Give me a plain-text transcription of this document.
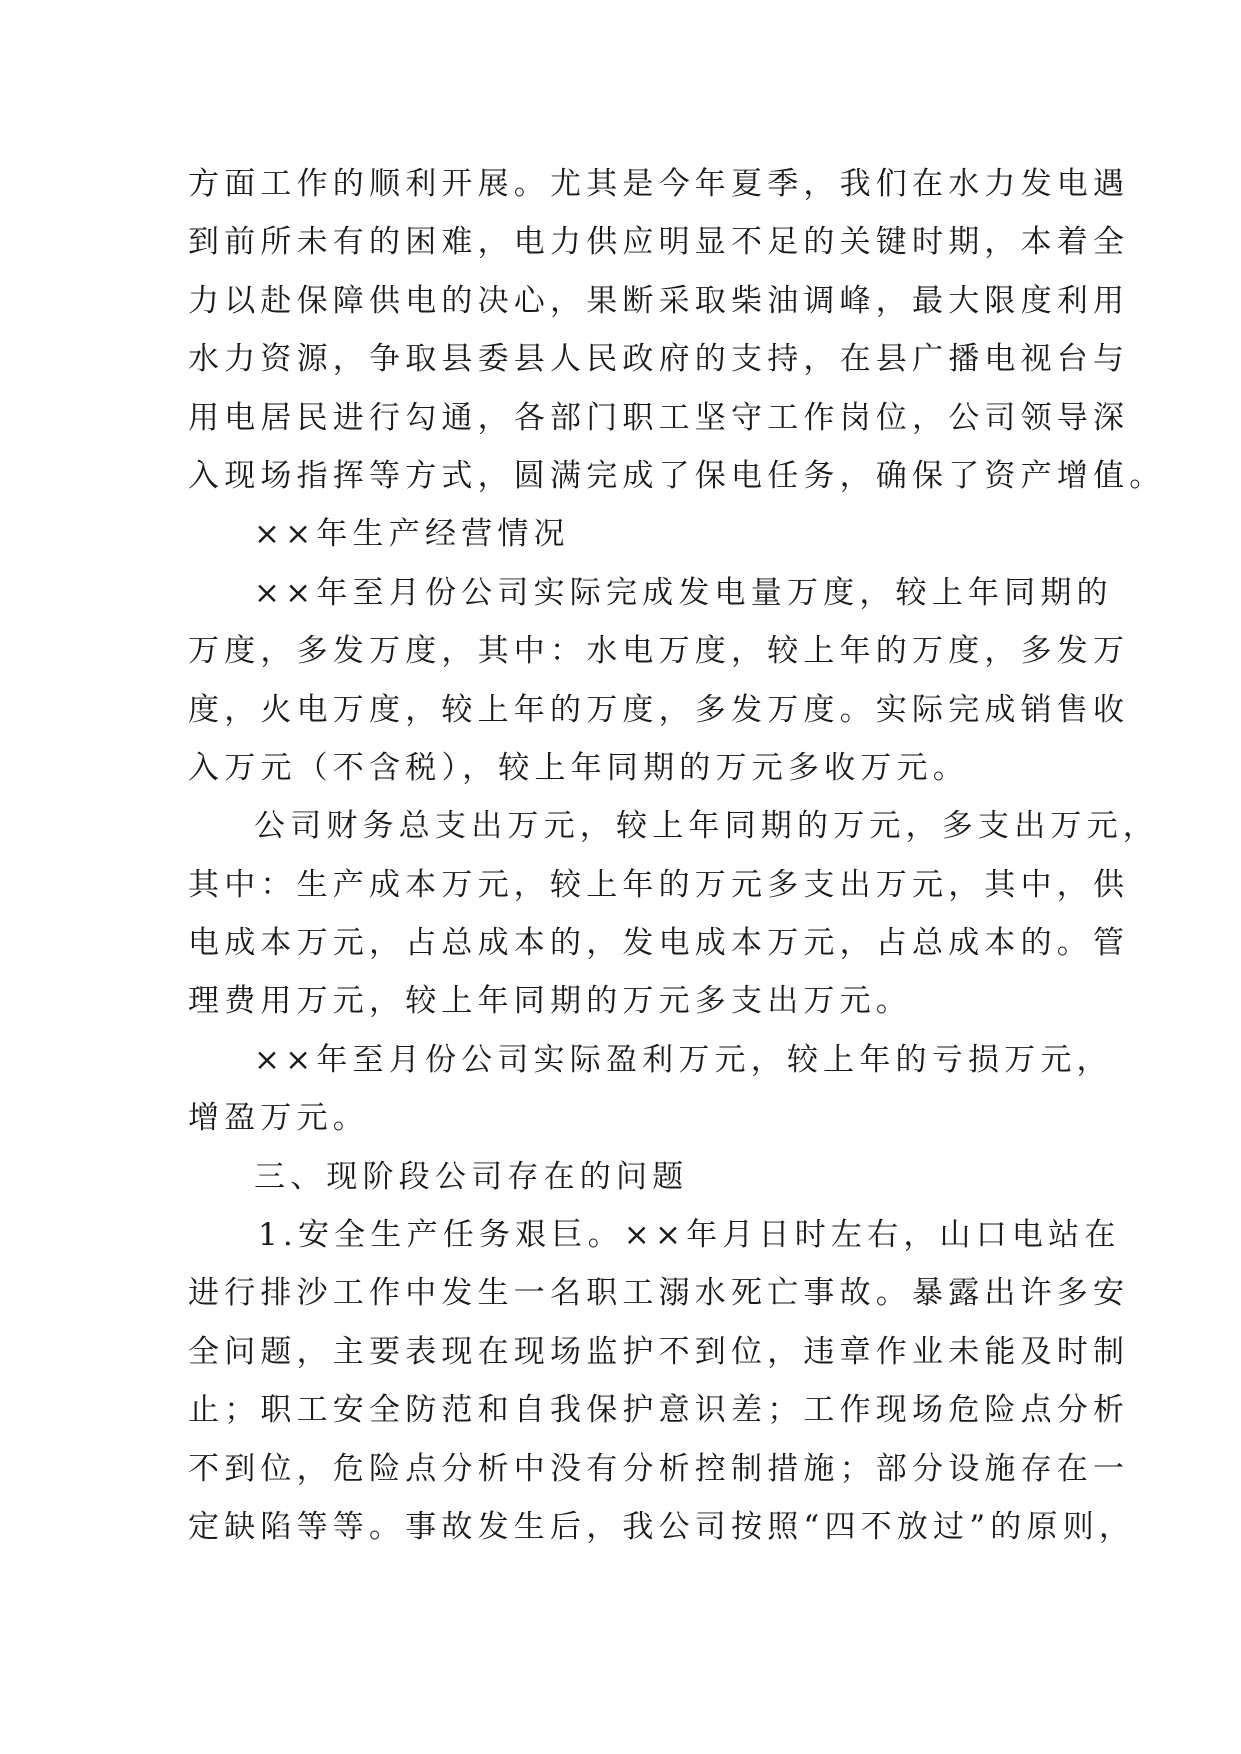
方面工作的顺利开展。尤其是今年夏季，我们在水力发电遇
到前所未有的困难，电力供应明显不足的关键时期，本着全
力以赴保障供电的决心，果断采取柴油调峰，最大限度利用
水力资源，争取县委县人民政府的支持，在县广播电视台与
用电居民进行勾通，各部门职工坚守工作岗位，公司领导深
入现场指挥等方式，圆满完成了保电任务，确保了资产增值。
××年生产经营情况
××年至月份公司实际完成发电量万度，较上年同期的
万度，多发万度，其中：水电万度，较上年的万度，多发万
度，火电万度，较上年的万度，多发万度。实际完成销售收
入万元（不含税），较上年同期的万元多收万元。
公司财务总支出万元，较上年同期的万元，多支出万元，
其中：生产成本万元，较上年的万元多支出万元，其中，供
电成本万元，占总成本的，发电成本万元，占总成本的。管
理费用万元，较上年同期的万元多支出万元。
××年至月份公司实际盈利万元，较上年的亏损万元，
增盈万元。
三、现阶段公司存在的问题
1.安全生产任务艰巨。××年月日时左右，山口电站在
进行排沙工作中发生一名职工溺水死亡事故。暴露出许多安
全问题，主要表现在现场监护不到位，违章作业未能及时制
止；职工安全防范和自我保护意识差；工作现场危险点分析
不到位，危险点分析中没有分析控制措施；部分设施存在一
定缺陷等等。事故发生后，我公司按照“四不放过”的原则，
